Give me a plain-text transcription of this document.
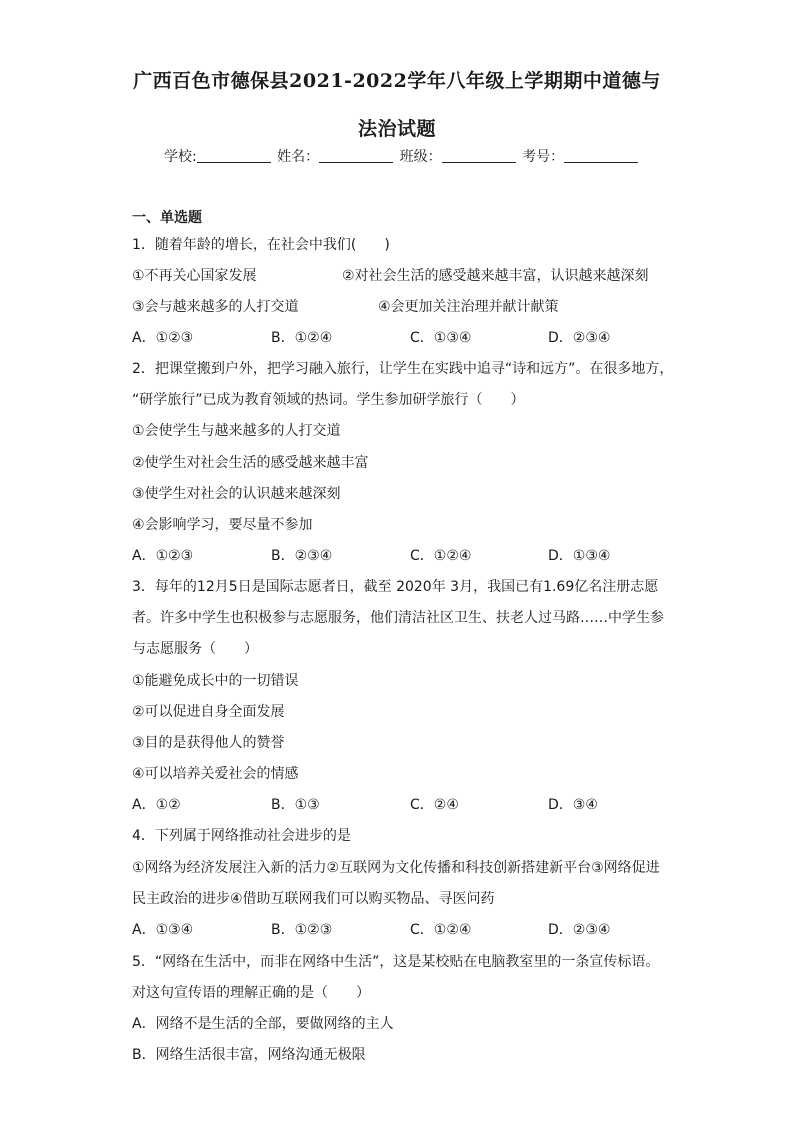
广西百色市德保县2021-2022学年八年级上学期期中道德与
法治试题
学校:	姓名：	班级：	考号：
一、单选题
1．随着年龄的增长，在社会中我们(　　)
①不再关心国家发展	②对社会生活的感受越来越丰富，认识越来越深刻
③会与越来越多的人打交道	④会更加关注治理并献计献策
A．①②③	B．①②④	C．①③④	D．②③④
2．把课堂搬到户外，把学习融入旅行，让学生在实践中追寻“诗和远方”。在很多地方，
“研学旅行”已成为教育领域的热词。学生参加研学旅行（　　）
①会使学生与越来越多的人打交道
②使学生对社会生活的感受越来越丰富
③使学生对社会的认识越来越深刻
④会影响学习，要尽量不参加
A．①②③	B．②③④	C．①②④	D．①③④
3．每年的12月5日是国际志愿者日，截至 2020年 3月，我国已有1.69亿名注册志愿
者。许多中学生也积极参与志愿服务，他们清洁社区卫生、扶老人过马路……中学生参
与志愿服务（　　）
①能避免成长中的一切错误
②可以促进自身全面发展
③目的是获得他人的赞誉
④可以培养关爱社会的情感
A．①②	B．①③	C．②④	D．③④
4．下列属于网络推动社会进步的是
①网络为经济发展注入新的活力②互联网为文化传播和科技创新搭建新平台③网络促进
民主政治的进步④借助互联网我们可以购买物品、寻医问药
A．①③④	B．①②③	C．①②④	D．②③④
5．“网络在生活中，而非在网络中生活”，这是某校贴在电脑教室里的一条宣传标语。
对这句宣传语的理解正确的是（　　）
A．网络不是生活的全部，要做网络的主人
B．网络生活很丰富，网络沟通无极限
